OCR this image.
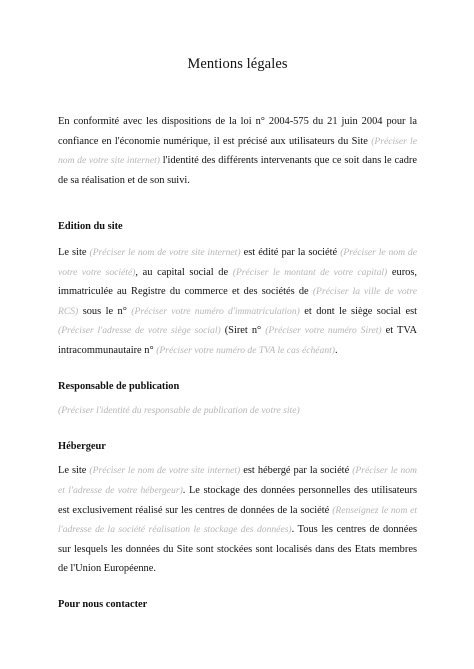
Mentions légales

En conformité avec les dispositions de la loi n° 2004-575 du 21 juin 2004 pour la confiance en l'économie numérique, il est précisé aux utilisateurs du Site (Préciser le nom de votre site internet) l'identité des différents intervenants que ce soit dans le cadre de sa réalisation et de son suivi.

Edition du site

Le site (Préciser le nom de votre site internet) est édité par la société (Préciser le nom de votre votre société), au capital social de (Préciser le montant de votre capital) euros, immatriculée au Registre du commerce et des sociétés de (Préciser la ville de votre RCS) sous le n° (Préciser votre numéro d'immatriculation) et dont le siège social est (Préciser l'adresse de votre siège social) (Siret n° (Préciser votre numéro Siret) et TVA intracommunautaire n° (Préciser votre numéro de TVA le cas échéant).

Responsable de publication

(Préciser l'identité du responsable de publication de votre site)

Hébergeur

Le site (Préciser le nom de votre site internet) est hébergé par la société (Préciser le nom et l'adresse de votre hébergeur). Le stockage des données personnelles des utilisateurs est exclusivement réalisé sur les centres de données de la société (Renseignez le nom et l'adresse de la société réalisation le stockage des données). Tous les centres de données sur lesquels les données du Site sont stockées sont localisés dans des Etats membres de l'Union Européenne.

Pour nous contacter
